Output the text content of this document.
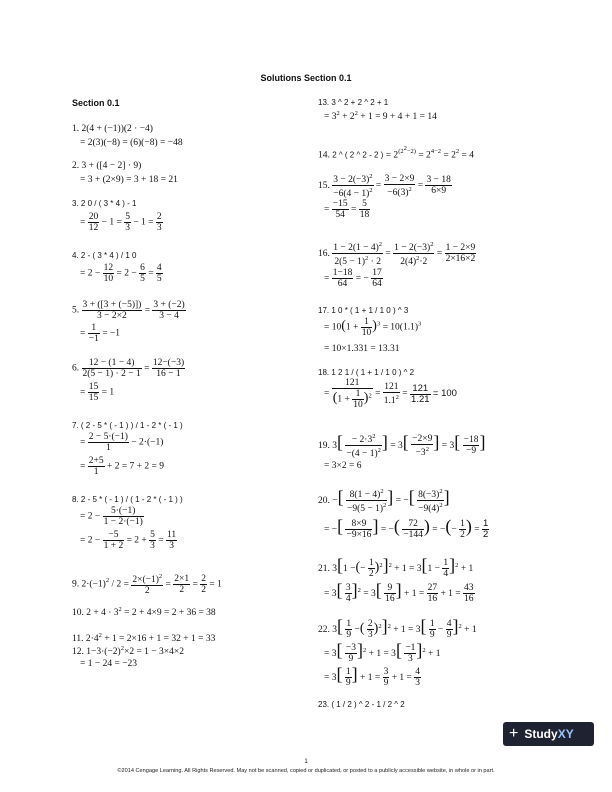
Solutions Section 0.1
Section 0.1
1. 2(4 + (−1))(2 · −4)
= 2(3)(−8) = (6)(−8) = −48
2. 3 + ([4 − 2] · 9)
= 3 + (2×9) = 3 + 18 = 21
3. 2 0 / ( 3 * 4 ) - 1
= $\frac{20}{12} - 1 = \frac{5}{3} - 1 = \frac{2}{3}$
4. 2 - ( 3 * 4 ) / 1 0
= $2 - \frac{12}{10} = 2 - \frac{6}{5} = \frac{4}{5}$
5. $\frac{3 + ([3 + (-5)])}{3 - 2\times 2} = \frac{3 + (-2)}{3 - 4}$
= $\frac{1}{-1} = -1$
6. $\frac{12 - (1 - 4)}{2(5 - 1) \cdot 2 - 1} = \frac{12-(-3)}{16 - 1}$
= $\frac{15}{15} = 1$
7. ( 2 - 5 * ( - 1 ) ) / 1 - 2 * ( - 1 )
= $\frac{2 - 5\cdot(-1)}{1} - 2\cdot(-1)$
= $\frac{2+5}{1} + 2 = 7 + 2 = 9$
8. 2 - 5 * ( - 1 ) / ( 1 - 2 * ( - 1 ) )
= $2 - \frac{5\cdot(-1)}{1 - 2\cdot(-1)}$
= $2 - \frac{-5}{1 + 2} = 2 + \frac{5}{3} = \frac{11}{3}$
9. $2\cdot(-1)^2 / 2 = \frac{2\times(-1)^2}{2} = \frac{2\times 1}{2} = \frac{2}{2} = 1$
10. $2 + 4 \cdot 3^2 = 2 + 4\times 9 = 2 + 36 = 38$
11. $2\cdot 4^2 + 1 = 2\times 16 + 1 = 32 + 1 = 33$
12. $1-3\cdot(-2)^2\times 2 = 1 - 3\times 4\times 2$
= 1 − 24 = −23
13. 3 ^ 2 + 2 ^ 2 + 1
= $3^2 + 2^2 + 1 = 9 + 4 + 1 = 14$
14. 2 ^ ( 2 ^ 2 - 2 ) = $2^{(2^2-2)} = 2^{4-2} = 2^2 = 4$
15. $\frac{3 - 2(-3)^2}{-6(4 - 1)^2} = \frac{3 - 2\times 9}{-6(3)^2} = \frac{3 - 18}{6\times 9}$
= $\frac{-15}{54} = \frac{5}{18}$
16. $\frac{1 - 2(1 - 4)^2}{2(5 - 1)^2 \cdot 2} = \frac{1 - 2(-3)^2}{2(4)^2\cdot 2} = \frac{1 - 2\times 9}{2\times 16\times 2}$
= $\frac{1-18}{64}$ = − $\frac{17}{64}$
17. 1 0 * ( 1 + 1 / 1 0 ) ^ 3
= $10(1 + \frac{1}{10} )^3 = 10(1.1)^3$
= 10×1.331 = 13.31
18. 1 2 1 / ( 1 + 1 / 1 0 ) ^ 2
= $\frac{121}{(1 + \frac{1}{10} )^2} = \frac{121}{1.1^2} = \frac{121}{1.21} = 100$
19. $3[ \frac{- 2\cdot 3^2}{-(4 - 1)^2}$ ] = $3[ \frac{-2\times 9}{-3^2}$ ] = $3[ \frac{-18}{-9}$ ]
= 3×2 = 6
20. −[ $\frac{8(1 - 4)^2}{-9(5 - 1)^2}$ ] = −[ $\frac{8(-3)^2}{-9(4)^2}$ ]
= −[ $\frac{8\times 9}{-9\times 16}$ ] = −( $\frac{72}{-144}$ ) = −(− $\frac{1}{2}$ ) = $\frac{1}{2}$
21. 3[1 −(− $\frac{1}{2} )^2]^2 + 1 = 3[1 - \frac{1}{4} ]^2 + 1$
= $3[ \frac{3}{4} ]^2 = 3[ \frac{9}{16}$ ] + $1 = \frac{27}{16} + 1 = \frac{43}{16}$
22. $3[ \frac{1}{9}$ −( $\frac{2}{3} )^2]^2 + 1 = 3[ \frac{1}{9} - \frac{4}{9} ]^2 + 1$
= $3[ \frac{-3}{9} ]^2 + 1 = 3[ \frac{-1}{3} ]^2 + 1$
= $3[ \frac{1}{9}$ ] + $1 = \frac{3}{9} + 1 = \frac{4}{3}$
23. ( 1 / 2 ) ^ 2 - 1 / 2 ^ 2
+ Study XY
1
©2014 Cengage Learning. All Rights Reserved. May not be scanned, copied or duplicated, or posted to a publicly accessible website, in whole or in part.
